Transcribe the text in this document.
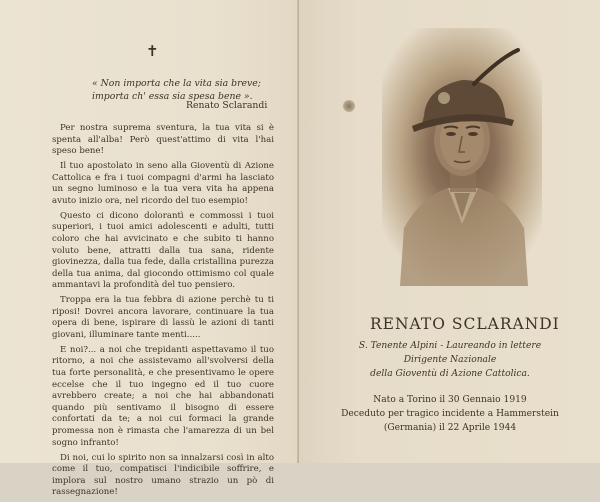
✝
« Non importa che la vita sia breve;
importa ch' essa sia spesa bene ».
Renato Sclarandi

Per nostra suprema sventura, la tua vita si è spenta all'alba! Però quest'attimo di vita l'hai speso bene!

Il tuo apostolato in seno alla Gioventù di Azione Cattolica e fra i tuoi compagni d'armi ha lasciato un segno luminoso e la tua vera vita ha appena avuto inizio ora, nel ricordo del tuo esempio!

Questo ci dicono dolorantì e commossi i tuoi superiori, i tuoi amici adolescenti e adulti, tutti coloro che hai avvicinato e che subito ti hanno voluto bene, attratti dalla tua sana, ridente giovinezza, dalla tua fede, dalla cristallina purezza della tua anima, dal giocondo ottimismo col quale ammantavi la profondità del tuo pensiero.

Troppa era la tua febbra di azione perchè tu ti riposi! Dovrei ancora lavorare, continuare la tua opera di bene, ispirare di lassù le azioni di tanti giovani, illuminare tante menti.....

E noi?... a noi che trepidanti aspettavamo il tuo ritorno, a noi che assistevamo all'svolversi della tua forte personalità, e che presentivamo le opere eccelse che il tuo ingegno ed il tuo cuore avrebbero create; a noi che hai abbandonati quando più sentivamo il bisogno di essere confortati da te; a noi cui formaci la grande promessa non è rimasta che l'amarezza di un bel sogno infranto!

Di noi, cui lo spirito non sa innalzarsi così in alto come il tuo, compatisci l'indicibile soffrire, e implora sul nostro umano strazio un pò di rassegnazione!

RENATO SCLARANDI
S. Tenente Alpini - Laureando in lettere
Dirigente Nazionale
della Gioventù di Azione Cattolica.
Nato a Torino il 30 Gennaio 1919
Deceduto per tragico incidente a Hammerstein
(Germania) il 22 Aprile 1944
